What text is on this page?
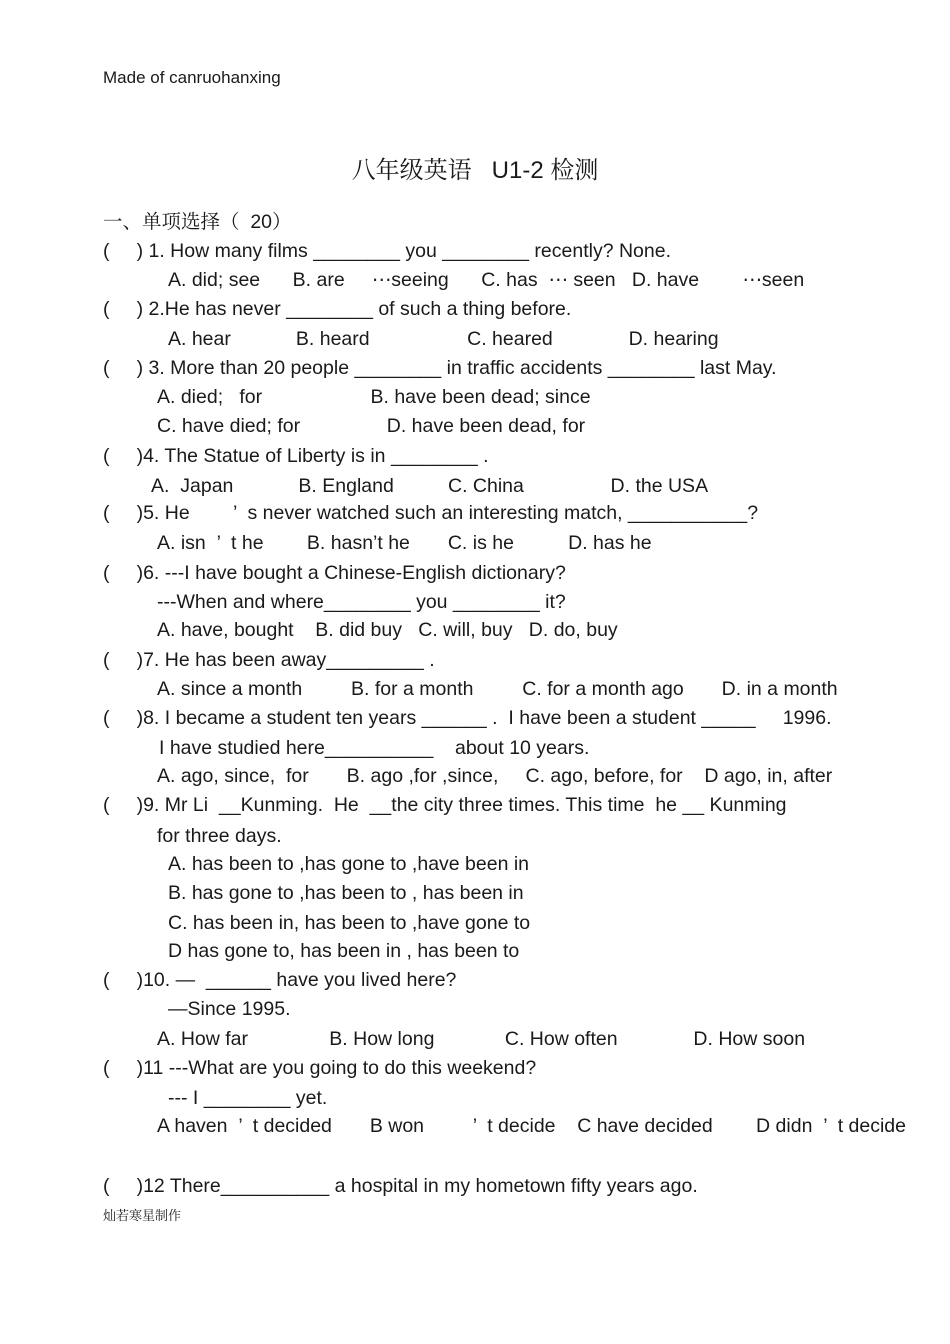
Made of canruohanxing
八年级英语   U1-2 检测
一、单项选择（  20）
(     ) 1. How many films ________ you ________ recently? None.
A. did; see      B. are     ⋯seeing      C. has  ⋯ seen   D. have        ⋯seen
(     ) 2.He has never ________ of such a thing before.
A. hear            B. heard                  C. heared              D. hearing
(     ) 3. More than 20 people ________ in traffic accidents ________ last May.
A. died;   for                    B. have been dead; since
C. have died; for                D. have been dead, for
(     )4. The Statue of Liberty is in ________ .
A.  Japan            B. England          C. China                D. the USA
(     )5. He        ’  s never watched such an interesting match, ___________?
A. isn  ’  t he        B. hasn’t he       C. is he          D. has he
(     )6. ---I have bought a Chinese-English dictionary?
---When and where________ you ________ it?
A. have, bought    B. did buy   C. will, buy   D. do, buy
(     )7. He has been away_________ .
A. since a month         B. for a month         C. for a month ago       D. in a month
(     )8. I became a student ten years ______ .  I have been a student _____     1996.
I have studied here__________    about 10 years.
A. ago, since,  for       B. ago ,for ,since,     C. ago, before, for    D ago, in, after
(     )9. Mr Li  __Kunming.  He  __the city three times. This time  he __ Kunming
for three days.
A. has been to ,has gone to ,have been in
B. has gone to ,has been to , has been in
C. has been in, has been to ,have gone to
D has gone to, has been in , has been to
(     )10. —  ______ have you lived here?
—Since 1995.
A. How far               B. How long             C. How often              D. How soon
(     )11 ---What are you going to do this weekend?
--- I ________ yet.
A haven  ’  t decided       B won         ’  t decide    C have decided        D didn  ’  t decide
(     )12 There__________ a hospital in my hometown fifty years ago.
灿若寒星制作
